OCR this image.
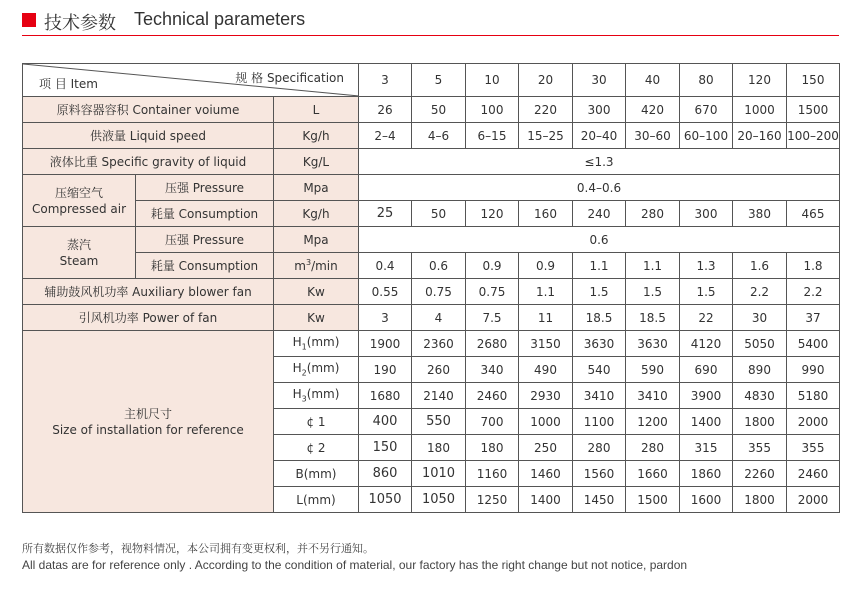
技术参数 Technical parameters
规 格 Specification
项 目 Item			3	5	10	20	30	40	80	120	150
原料容器容积 Container voiume		L	26	50	100	220	300	420	670	1000	1500
供液量 Liquid speed		Kg/h	2–4	4–6	6–15	15–25	20–40	30–60	60–100	20–160	100–200
液体比重 Specific gravity of liquid		Kg/L	≤1.3								

压缩空气
Compressed air	压强 Pressure	Mpa	0.4–0.6								
	耗量 Consumption	Kg/h	25	50	120	160	240	280	300	380	465

蒸汽
Steam	压强 Pressure	Mpa	0.6								
	耗量 Consumption	$m^3/\min$	0.4	0.6	0.9	0.9	1.1	1.1	1.3	1.6	1.8
辅助鼓风机功率 Auxiliary blower fan		Kw	0.55	0.75	0.75	1.1	1.5	1.5	1.5	2.2	2.2
引风机功率 Power of fan		Kw	3	4	7.5	11	18.5	18.5	22	30	37

主机尺寸
Size of installation for reference		$H_1(mm)$	1900	2360	2680	3150	3630	3630	4120	5050	5400
		$H_2(mm)$	190	260	340	490	540	590	690	890	990
		$H_3(mm)$	1680	2140	2460	2930	3410	3410	3900	4830	5180
		¢ 1	400	550	700	1000	1100	1200	1400	1800	2000
		¢ 2	150	180	180	250	280	280	315	355	355
		B(mm)	860	1010	1160	1460	1560	1660	1860	2260	2460
		L(mm)	1050	1050	1250	1400	1450	1500	1600	1800	2000
所有数据仅作参考，视物料情况，本公司拥有变更权利，并不另行通知。
All datas are for reference only . According to the condition of material, our factory has the right change but not notice, pardon
